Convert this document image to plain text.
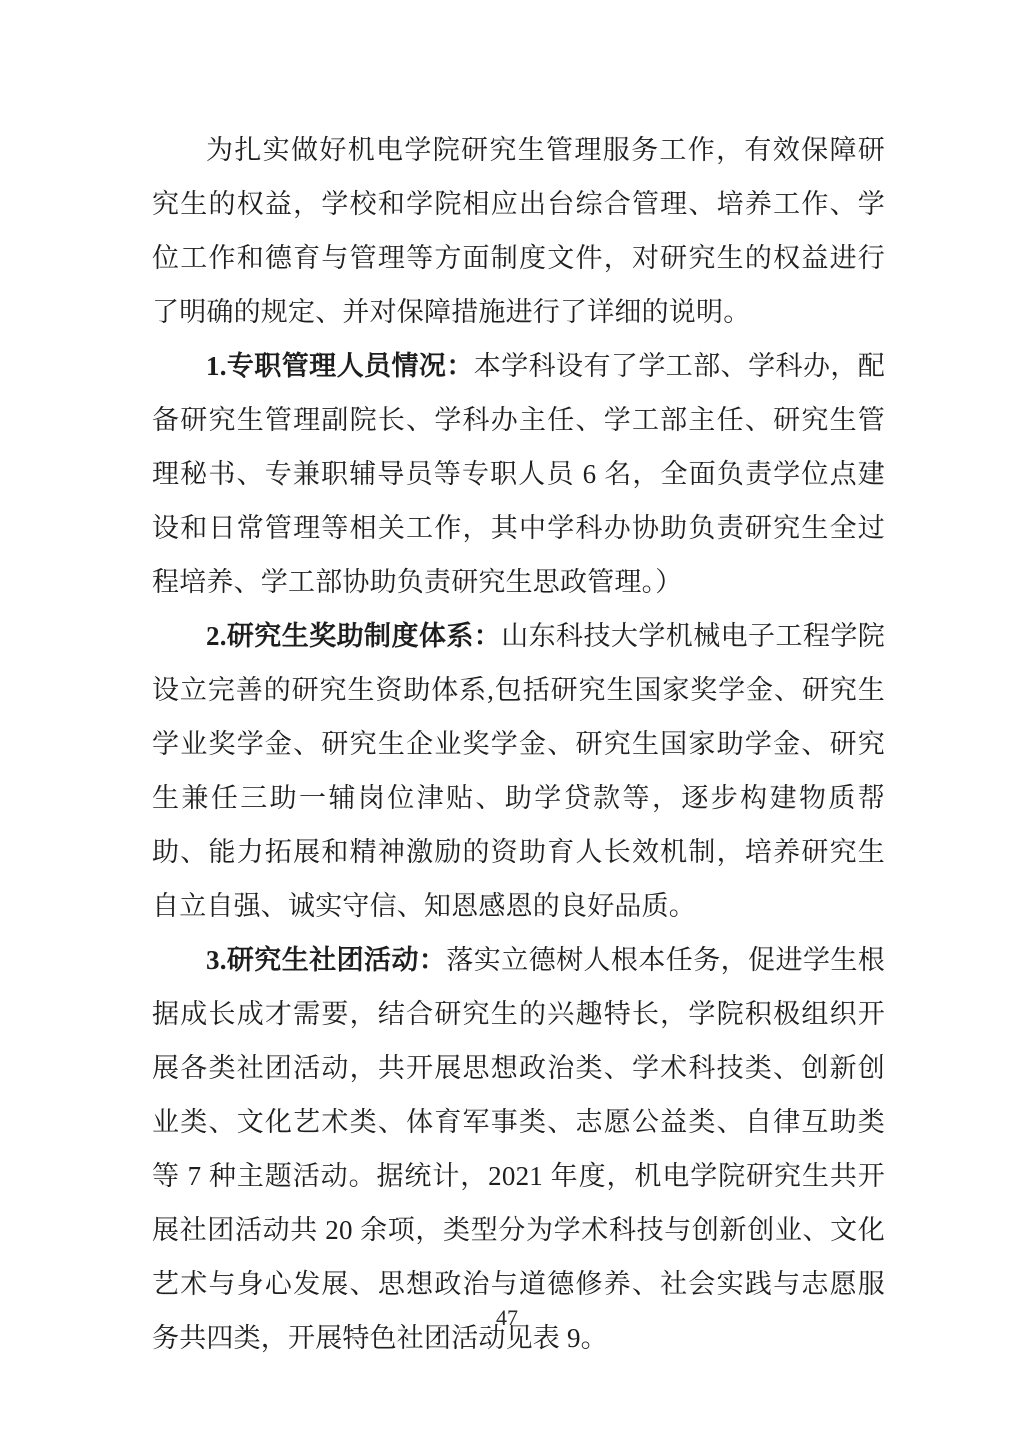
为扎实做好机电学院研究生管理服务工作，有效保障研究生的权益，学校和学院相应出台综合管理、培养工作、学位工作和德育与管理等方面制度文件，对研究生的权益进行了明确的规定、并对保障措施进行了详细的说明。

1.专职管理人员情况：本学科设有了学工部、学科办，配备研究生管理副院长、学科办主任、学工部主任、研究生管理秘书、专兼职辅导员等专职人员 6 名，全面负责学位点建设和日常管理等相关工作，其中学科办协助负责研究生全过程培养、学工部协助负责研究生思政管理。）

2.研究生奖助制度体系：山东科技大学机械电子工程学院设立完善的研究生资助体系,包括研究生国家奖学金、研究生学业奖学金、研究生企业奖学金、研究生国家助学金、研究生兼任三助一辅岗位津贴、助学贷款等，逐步构建物质帮助、能力拓展和精神激励的资助育人长效机制，培养研究生自立自强、诚实守信、知恩感恩的良好品质。

3.研究生社团活动：落实立德树人根本任务，促进学生根据成长成才需要，结合研究生的兴趣特长，学院积极组织开展各类社团活动，共开展思想政治类、学术科技类、创新创业类、文化艺术类、体育军事类、志愿公益类、自律互助类等 7 种主题活动。据统计，2021 年度，机电学院研究生共开展社团活动共 20 余项，类型分为学术科技与创新创业、文化艺术与身心发展、思想政治与道德修养、社会实践与志愿服务共四类，开展特色社团活动见表 9。

47
